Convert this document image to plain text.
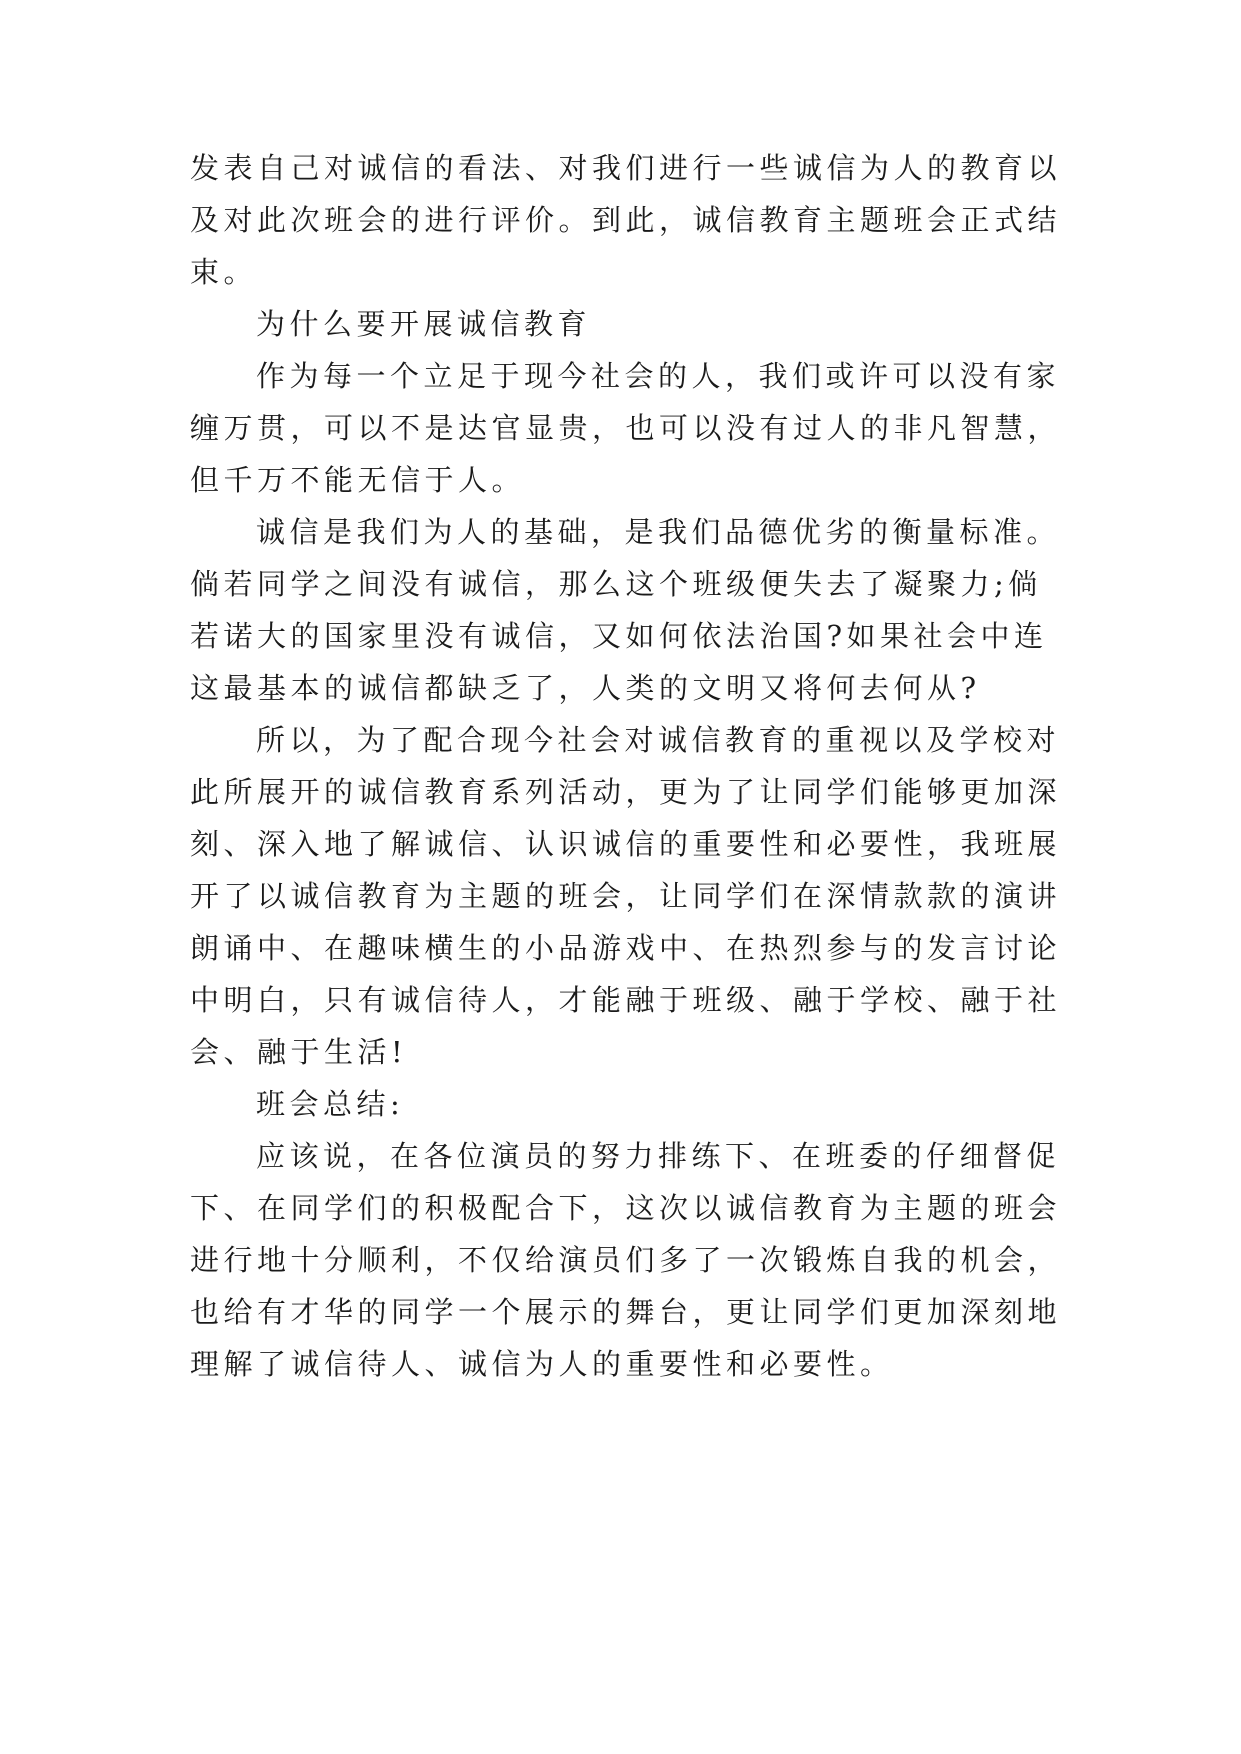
发表自己对诚信的看法、对我们进行一些诚信为人的教育以

及对此次班会的进行评价。到此，诚信教育主题班会正式结

束。

为什么要开展诚信教育

作为每一个立足于现今社会的人，我们或许可以没有家

缠万贯，可以不是达官显贵，也可以没有过人的非凡智慧，

但千万不能无信于人。

诚信是我们为人的基础，是我们品德优劣的衡量标准。

倘若同学之间没有诚信，那么这个班级便失去了凝聚力;倘

若诺大的国家里没有诚信，又如何依法治国?如果社会中连

这最基本的诚信都缺乏了，人类的文明又将何去何从?

所以，为了配合现今社会对诚信教育的重视以及学校对

此所展开的诚信教育系列活动，更为了让同学们能够更加深

刻、深入地了解诚信、认识诚信的重要性和必要性，我班展

开了以诚信教育为主题的班会，让同学们在深情款款的演讲

朗诵中、在趣味横生的小品游戏中、在热烈参与的发言讨论

中明白，只有诚信待人，才能融于班级、融于学校、融于社

会、融于生活!

班会总结:

应该说，在各位演员的努力排练下、在班委的仔细督促

下、在同学们的积极配合下，这次以诚信教育为主题的班会

进行地十分顺利，不仅给演员们多了一次锻炼自我的机会，

也给有才华的同学一个展示的舞台，更让同学们更加深刻地

理解了诚信待人、诚信为人的重要性和必要性。
